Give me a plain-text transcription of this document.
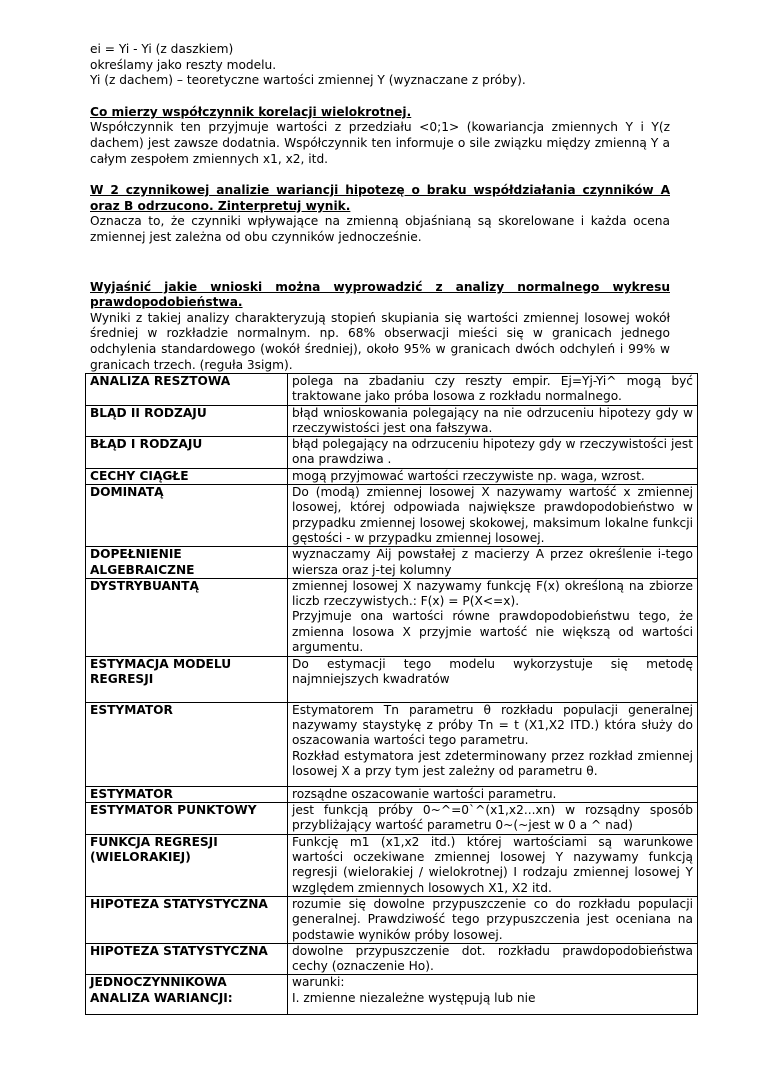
ei = Yi - Yi (z daszkiem)

określamy jako reszty modelu.

Yi (z dachem) – teoretyczne wartości zmiennej Y (wyznaczane z próby).

Co mierzy współczynnik korelacji wielokrotnej.

Współczynnik ten przyjmuje wartości z przedziału <0;1> (kowariancja zmiennych Y i Y(z dachem) jest zawsze dodatnia. Współczynnik ten informuje o sile związku między zmienną Y a całym zespołem zmiennych x1, x2, itd.

W 2 czynnikowej analizie wariancji hipotezę o braku współdziałania czynników A oraz B odrzucono. Zinterpretuj wynik.

Oznacza to, że czynniki wpływające na zmienną objaśnianą są skorelowane i każda ocena zmiennej jest zależna od obu czynników jednocześnie.

Wyjaśnić jakie wnioski można wyprowadzić z analizy normalnego wykresu prawdopodobieństwa.

Wyniki z takiej analizy charakteryzują stopień skupiania się wartości zmiennej losowej wokół średniej w rozkładzie normalnym. np. 68% obserwacji mieści się w granicach jednego odchylenia standardowego (wokół średniej), około 95% w granicach dwóch odchyleń i 99% w granicach trzech. (reguła 3sigm).

ANALIZA RESZTOWA	polega na zbadaniu czy reszty empir. Ej=Yj-Yi^ mogą być traktowane jako próba losowa z rozkładu normalnego.

BLĄD II RODZAJU	błąd wnioskowania polegający na nie odrzuceniu hipotezy gdy w rzeczywistości jest ona fałszywa.

BŁĄD I RODZAJU	błąd polegający na odrzuceniu hipotezy gdy w rzeczywistości jest ona prawdziwa .

CECHY CIĄGŁE	mogą przyjmować wartości rzeczywiste np. waga, wzrost.

DOMINATĄ	Do (modą) zmiennej losowej X nazywamy wartość x zmiennej losowej, której odpowiada największe prawdopodobieństwo w przypadku zmiennej losowej skokowej, maksimum lokalne funkcji gęstości - w przypadku zmiennej losowej.

DOPEŁNIENIE ALGEBRAICZNE	wyznaczamy Aij powstałej z macierzy A przez określenie i-tego wiersza oraz j-tej kolumny

DYSTRYBUANTĄ	zmiennej losowej X nazywamy funkcję F(x) określoną na zbiorze liczb rzeczywistych.: F(x) = P(X<=x).
Przyjmuje ona wartości równe prawdopodobieństwu tego, że zmienna losowa X przyjmie wartość nie większą od wartości argumentu.

ESTYMACJA MODELU REGRESJI	Do estymacji tego modelu wykorzystuje się metodę najmniejszych kwadratów

ESTYMATOR	Estymatorem Tn parametru θ rozkładu populacji generalnej nazywamy staystykę z próby Tn = t (X1,X2 ITD.) która służy do oszacowania wartości tego parametru.
Rozkład estymatora jest zdeterminowany przez rozkład zmiennej losowej X a przy tym jest zależny od parametru θ.

ESTYMATOR	rozsądne oszacowanie wartości parametru.

ESTYMATOR PUNKTOWY	jest funkcją próby 0~^=0`^(x1,x2...xn) w rozsądny sposób przybliżający wartość parametru 0~(~jest w 0 a ^ nad)

FUNKCJA REGRESJI (WIELORAKIEJ)	Funkcję m1 (x1,x2 itd.) której wartościami są warunkowe wartości oczekiwane zmiennej losowej Y nazywamy funkcją regresji (wielorakiej / wielokrotnej) I rodzaju zmiennej losowej Y względem zmiennych losowych X1, X2 itd.

HIPOTEZA STATYSTYCZNA	rozumie się dowolne przypuszczenie co do rozkładu populacji generalnej. Prawdziwość tego przypuszczenia jest oceniana na podstawie wyników próby losowej.

HIPOTEZA STATYSTYCZNA	dowolne przypuszczenie dot. rozkładu prawdopodobieństwa cechy (oznaczenie Ho).

JEDNOCZYNNIKOWA ANALIZA WARIANCJI:	warunki:
I. zmienne niezależne występują lub nie
